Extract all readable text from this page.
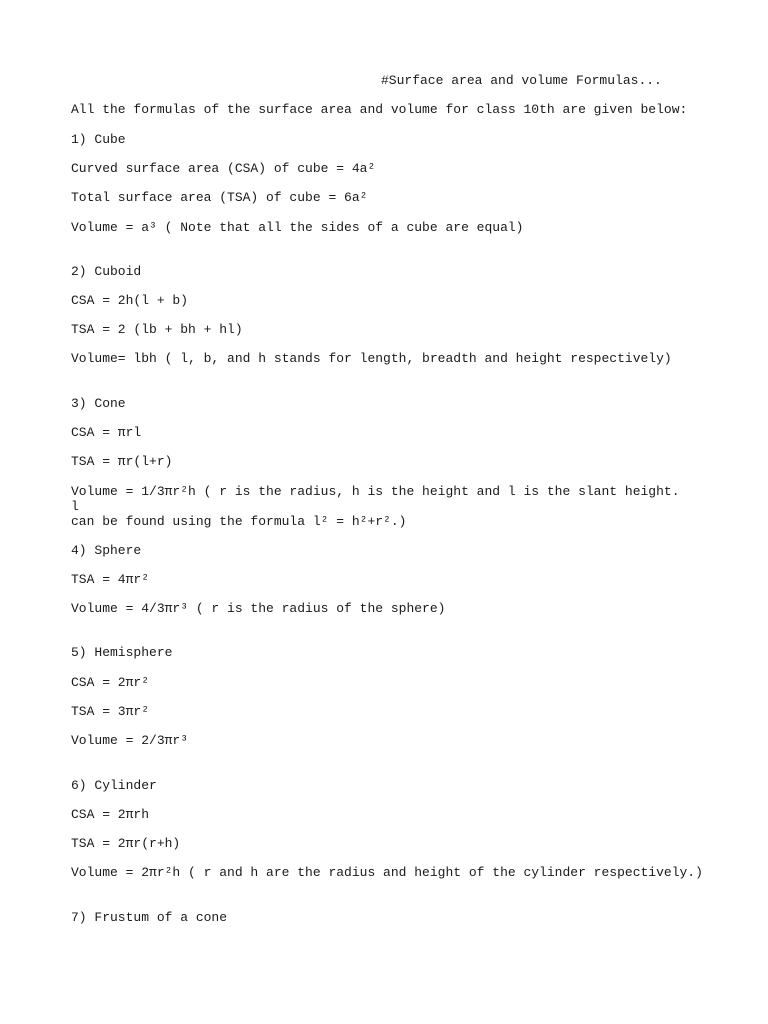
#Surface area and volume Formulas...

All the formulas of the surface area and volume for class 10th are given below:

1) Cube

Curved surface area (CSA) of cube = 4a²

Total surface area (TSA) of cube = 6a²

Volume = a³ ( Note that all the sides of a cube are equal)

2) Cuboid

CSA = 2h(l + b)

TSA = 2 (lb + bh + hl)

Volume= lbh ( l, b, and h stands for length, breadth and height respectively)

3) Cone

CSA = πrl

TSA = πr(l+r)

Volume = 1/3πr²h ( r is the radius, h is the height and l is the slant height. l
can be found using the formula l² = h²+r².)

4) Sphere

TSA = 4πr²

Volume = 4/3πr³ ( r is the radius of the sphere)

5) Hemisphere

CSA = 2πr²

TSA = 3πr²

Volume = 2/3πr³

6) Cylinder

CSA = 2πrh

TSA = 2πr(r+h)

Volume = 2πr²h ( r and h are the radius and height of the cylinder respectively.)

7) Frustum of a cone
